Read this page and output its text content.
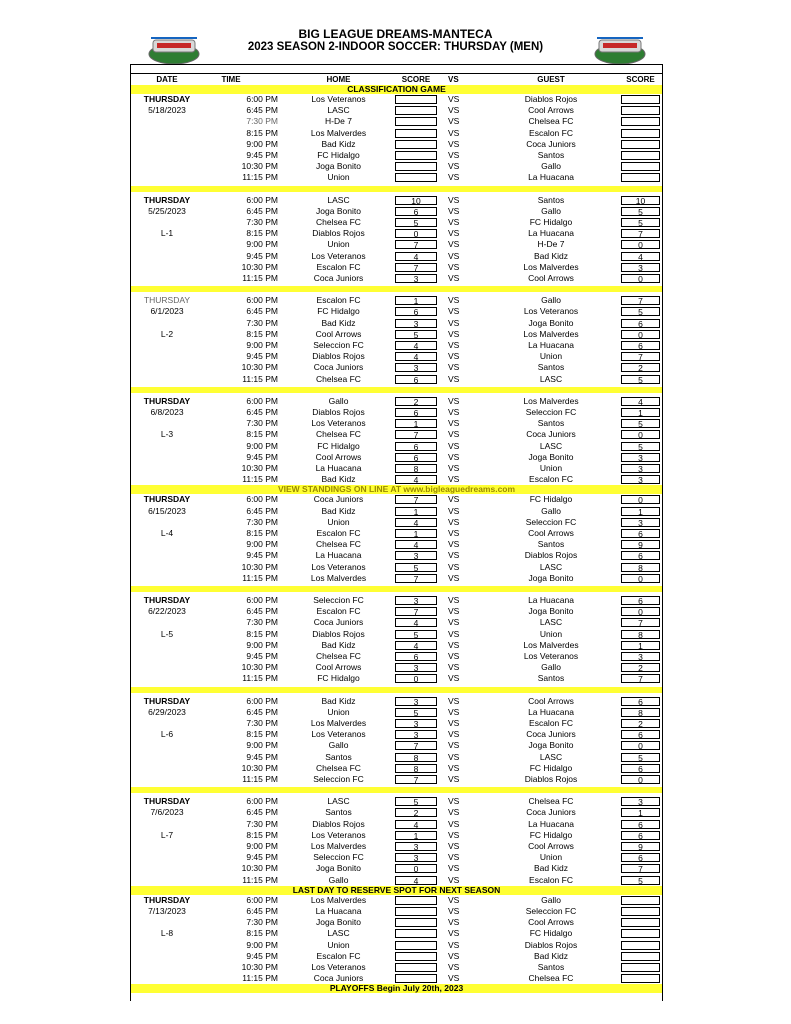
BIG LEAGUE DREAMS-MANTECA
2023 SEASON 2-INDOOR SOCCER: THURSDAY (MEN)
DATE	TIME	HOME	SCORE	VS	GUEST	SCORE
CLASSIFICATION GAME
THURSDAY	6:00 PM	Los Veteranos	VS	Diablos Rojos
5/18/2023	6:45 PM	LASC	VS	Cool Arrows
7:30 PM	H-De 7	VS	Chelsea FC
8:15 PM	Los Malverdes	VS	Escalon FC
9:00 PM	Bad Kidz	VS	Coca Juniors
9:45 PM	FC Hidalgo	VS	Santos
10:30 PM	Joga Bonito	VS	Gallo
11:15 PM	Union	VS	La Huacana
THURSDAY	6:00 PM	LASC	10	VS	Santos	10
5/25/2023	6:45 PM	Joga Bonito	6	VS	Gallo	5
7:30 PM	Chelsea FC	5	VS	FC Hidalgo	5
L-1	8:15 PM	Diablos Rojos	0	VS	La Huacana	7
9:00 PM	Union	7	VS	H-De 7	0
9:45 PM	Los Veteranos	4	VS	Bad Kidz	4
10:30 PM	Escalon FC	7	VS	Los Malverdes	3
11:15 PM	Coca Juniors	3	VS	Cool Arrows	0
THURSDAY	6:00 PM	Escalon FC	1	VS	Gallo	7
6/1/2023	6:45 PM	FC Hidalgo	6	VS	Los Veteranos	5
7:30 PM	Bad Kidz	3	VS	Joga Bonito	6
L-2	8:15 PM	Cool Arrows	5	VS	Los Malverdes	0
9:00 PM	Seleccion FC	4	VS	La Huacana	6
9:45 PM	Diablos Rojos	4	VS	Union	7
10:30 PM	Coca Juniors	3	VS	Santos	2
11:15 PM	Chelsea FC	6	VS	LASC	5
THURSDAY	6:00 PM	Gallo	2	VS	Los Malverdes	4
6/8/2023	6:45 PM	Diablos Rojos	6	VS	Seleccion FC	1
7:30 PM	Los Veteranos	1	VS	Santos	5
L-3	8:15 PM	Chelsea FC	7	VS	Coca Juniors	0
9:00 PM	FC Hidalgo	6	VS	LASC	5
9:45 PM	Cool Arrows	6	VS	Joga Bonito	3
10:30 PM	La Huacana	8	VS	Union	3
11:15 PM	Bad Kidz	4	VS	Escalon FC	3
VIEW STANDINGS ON LINE AT www.bigleaguedreams.com
THURSDAY	6:00 PM	Coca Juniors	7	VS	FC Hidalgo	0
6/15/2023	6:45 PM	Bad Kidz	1	VS	Gallo	1
7:30 PM	Union	4	VS	Seleccion FC	3
L-4	8:15 PM	Escalon FC	1	VS	Cool Arrows	6
9:00 PM	Chelsea FC	4	VS	Santos	9
9:45 PM	La Huacana	3	VS	Diablos Rojos	6
10:30 PM	Los Veteranos	5	VS	LASC	8
11:15 PM	Los Malverdes	7	VS	Joga Bonito	0
THURSDAY	6:00 PM	Seleccion FC	3	VS	La Huacana	6
6/22/2023	6:45 PM	Escalon FC	7	VS	Joga Bonito	0
7:30 PM	Coca Juniors	4	VS	LASC	7
L-5	8:15 PM	Diablos Rojos	5	VS	Union	8
9:00 PM	Bad Kidz	4	VS	Los Malverdes	1
9:45 PM	Chelsea FC	6	VS	Los Veteranos	3
10:30 PM	Cool Arrows	3	VS	Gallo	2
11:15 PM	FC Hidalgo	0	VS	Santos	7
THURSDAY	6:00 PM	Bad Kidz	3	VS	Cool Arrows	6
6/29/2023	6:45 PM	Union	5	VS	La Huacana	8
7:30 PM	Los Malverdes	3	VS	Escalon FC	2
L-6	8:15 PM	Los Veteranos	3	VS	Coca Juniors	6
9:00 PM	Gallo	7	VS	Joga Bonito	0
9:45 PM	Santos	8	VS	LASC	5
10:30 PM	Chelsea FC	8	VS	FC Hidalgo	6
11:15 PM	Seleccion FC	7	VS	Diablos Rojos	0
THURSDAY	6:00 PM	LASC	5	VS	Chelsea FC	3
7/6/2023	6:45 PM	Santos	2	VS	Coca Juniors	1
7:30 PM	Diablos Rojos	4	VS	La Huacana	6
L-7	8:15 PM	Los Veteranos	1	VS	FC Hidalgo	6
9:00 PM	Los Malverdes	3	VS	Cool Arrows	9
9:45 PM	Seleccion FC	3	VS	Union	6
10:30 PM	Joga Bonito	0	VS	Bad Kidz	7
11:15 PM	Gallo	4	VS	Escalon FC	5
LAST DAY TO RESERVE SPOT FOR NEXT SEASON
THURSDAY	6:00 PM	Los Malverdes	VS	Gallo
7/13/2023	6:45 PM	La Huacana	VS	Seleccion FC
7:30 PM	Joga Bonito	VS	Cool Arrows
L-8	8:15 PM	LASC	VS	FC Hidalgo
9:00 PM	Union	VS	Diablos Rojos
9:45 PM	Escalon FC	VS	Bad Kidz
10:30 PM	Los Veteranos	VS	Santos
11:15 PM	Coca Juniors	VS	Chelsea FC
PLAYOFFS Begin July 20th, 2023
